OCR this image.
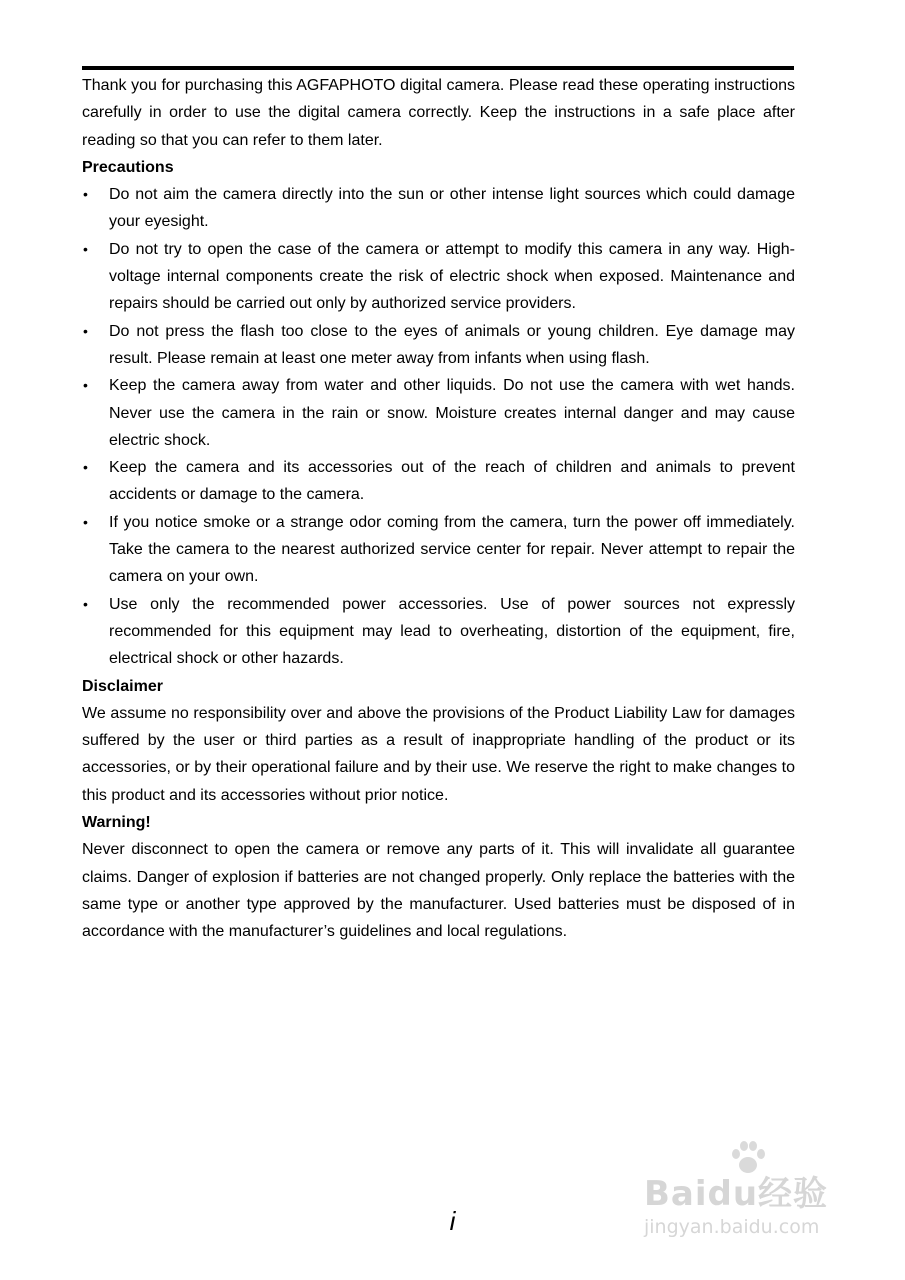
Thank you for purchasing this AGFAPHOTO digital camera. Please read these operating instructions carefully in order to use the digital camera correctly. Keep the instructions in a safe place after reading so that you can refer to them later.

Precautions

• Do not aim the camera directly into the sun or other intense light sources which could damage your eyesight.
• Do not try to open the case of the camera or attempt to modify this camera in any way. High-voltage internal components create the risk of electric shock when exposed. Maintenance and repairs should be carried out only by authorized service providers.
• Do not press the flash too close to the eyes of animals or young children. Eye damage may result. Please remain at least one meter away from infants when using flash.
• Keep the camera away from water and other liquids. Do not use the camera with wet hands. Never use the camera in the rain or snow. Moisture creates internal danger and may cause electric shock.
• Keep the camera and its accessories out of the reach of children and animals to prevent accidents or damage to the camera.
• If you notice smoke or a strange odor coming from the camera, turn the power off immediately. Take the camera to the nearest authorized service center for repair. Never attempt to repair the camera on your own.
• Use only the recommended power accessories. Use of power sources not expressly recommended for this equipment may lead to overheating, distortion of the equipment, fire, electrical shock or other hazards.

Disclaimer

We assume no responsibility over and above the provisions of the Product Liability Law for damages suffered by the user or third parties as a result of inappropriate handling of the product or its accessories, or by their operational failure and by their use. We reserve the right to make changes to this product and its accessories without prior notice.

Warning!

Never disconnect to open the camera or remove any parts of it. This will invalidate all guarantee claims. Danger of explosion if batteries are not changed properly. Only replace the batteries with the same type or another type approved by the manufacturer. Used batteries must be disposed of in accordance with the manufacturer’s guidelines and local regulations.

Baidu经验
jingyan.baidu.com
i
